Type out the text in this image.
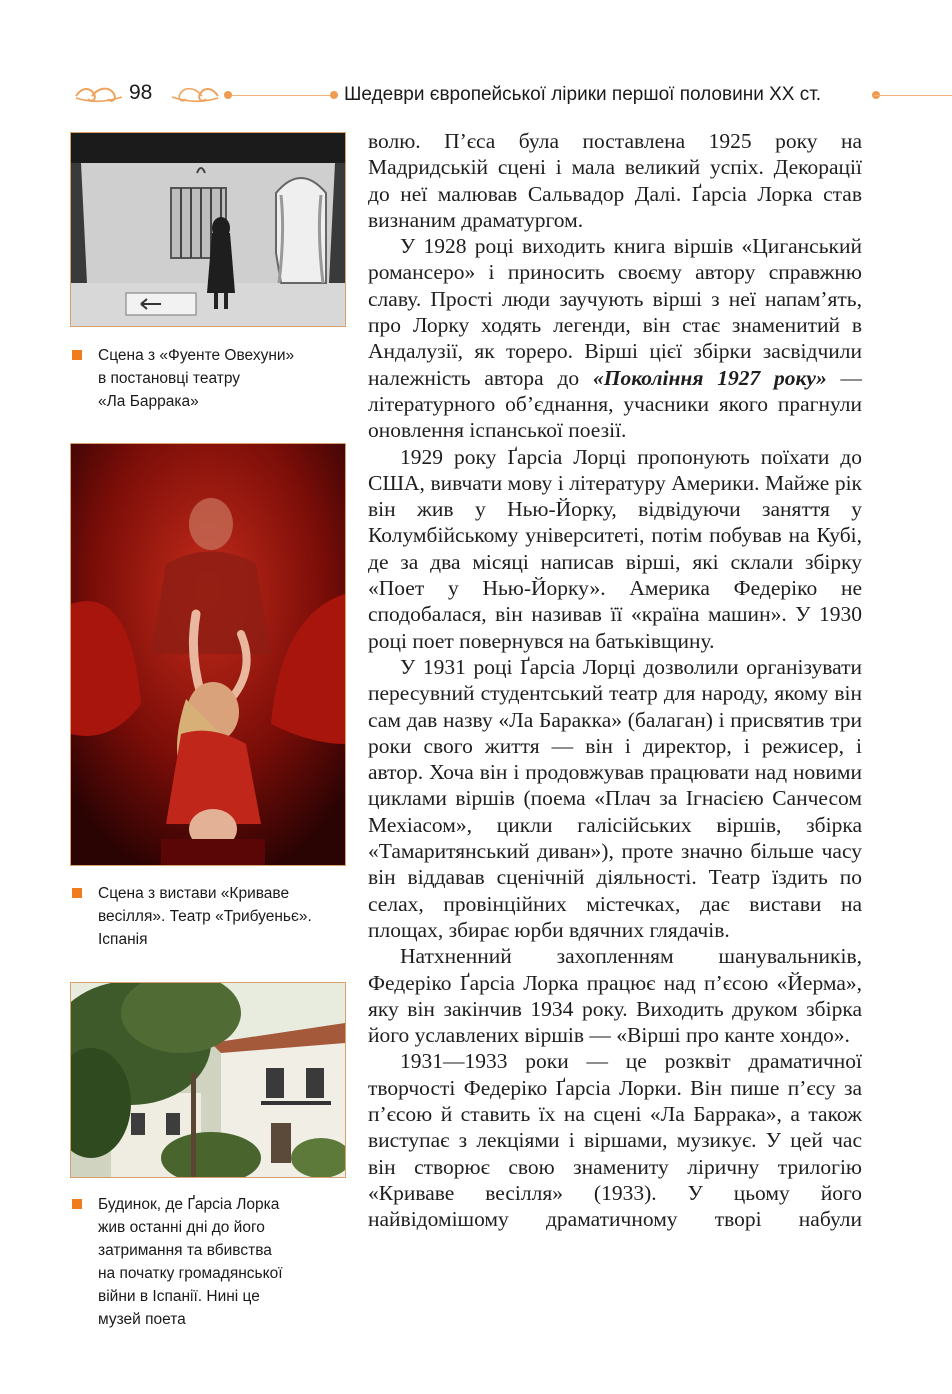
98	Шедеври європейської лірики першої половини XX ст.
Сцена з «Фуенте Овехуни»
в постановці театру
«Ла Баррака»
Сцена з вистави «Криваве
весілля». Театр «Трибуеньє».
Іспанія
Будинок, де Ґарсіа Лорка
жив останні дні до його
затримання та вбивства
на початку громадянської
війни в Іспанії. Нині це
музей поета

волю. П’єса була поставлена 1925 року на Мадридській сцені і мала великий успіх. Декорації до неї малював Сальвадор Далі. Ґарсіа Лорка став визнаним драматургом.

У 1928 році виходить книга віршів «Циганський романсеро» і приносить своєму автору справжню славу. Прості люди заучують вірші з неї напам’ять, про Лорку ходять легенди, він стає знаменитий в Андалузії, як тореро. Вірші цієї збірки засвідчили належність автора до «Покоління 1927 року» — літературного об’єднання, учасники якого прагнули оновлення іспанської поезії.

1929 року Ґарсіа Лорці пропонують поїхати до США, вивчати мову і літературу Америки. Майже рік він жив у Нью-Йорку, відвідуючи заняття у Колумбійському університеті, потім побував на Кубі, де за два місяці написав вірші, які склали збірку «Поет у Нью-Йорку». Америка Федеріко не сподобалася, він називав її «країна машин». У 1930 році поет повернувся на батьківщину.

У 1931 році Ґарсіа Лорці дозволили організувати пересувний студентський театр для народу, якому він сам дав назву «Ла Баракка» (балаган) і присвятив три роки свого життя — він і директор, і режисер, і автор. Хоча він і продовжував працювати над новими циклами віршів (поема «Плач за Ігнасією Санчесом Мехіасом», цикли галісійських віршів, збірка «Тамаритянський диван»), проте значно більше часу він віддавав сценічній діяльності. Театр їздить по селах, провінційних містечках, дає вистави на площах, збирає юрби вдячних глядачів.

Натхненний захопленням шанувальників, Федеріко Ґарсіа Лорка працює над п’єсою «Йерма», яку він закінчив 1934 року. Виходить друком збірка його уславлених віршів — «Вірші про канте хондо».

1931—1933 роки — це розквіт драматичної творчості Федеріко Ґарсіа Лорки. Він пише п’єсу за п’єсою й ставить їх на сцені «Ла Баррака», а також виступає з лекціями і віршами, музикує. У цей час він створює свою знамениту ліричну трилогію «Криваве весілля» (1933). У цьому його найвідомішому драматичному творі набули
